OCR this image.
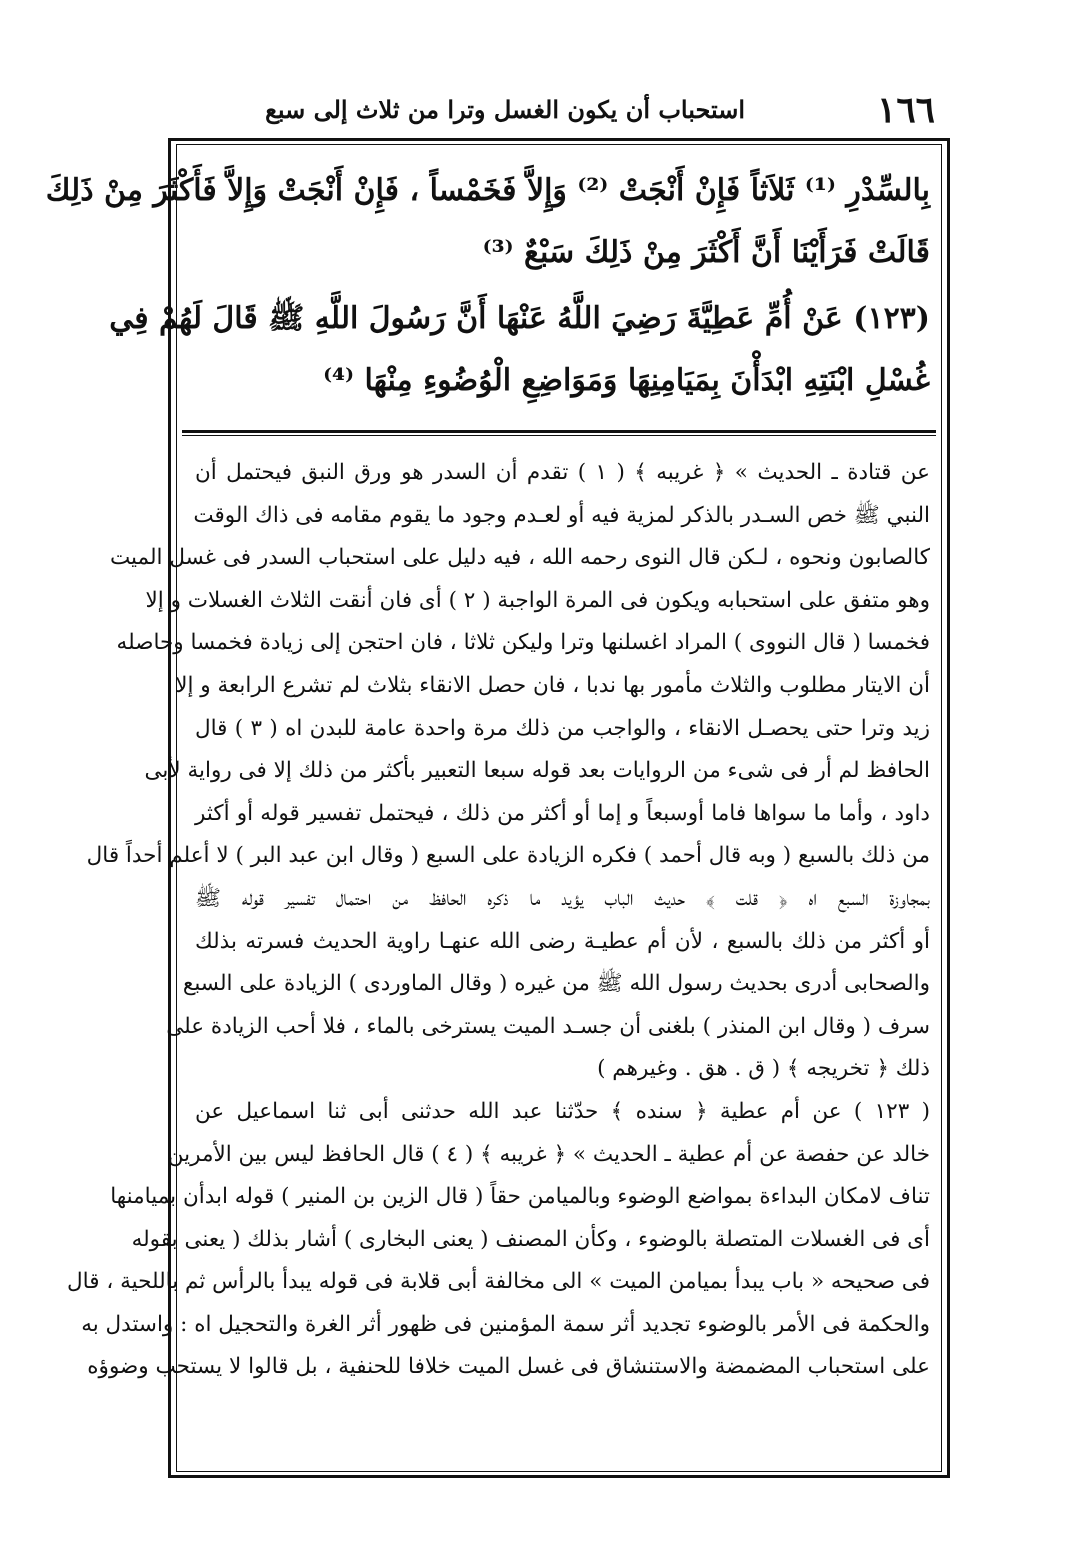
١٦٦
استحباب أن يكون الغسل وترا من ثلاث إلى سبع
بِالسِّدْرِ ⁽¹⁾ ثَلاَثاً فَإِنْ أَنْجَتْ ⁽²⁾ وَإِلاَّ فَخَمْساً ، فَإِنْ أَنْجَتْ وَإِلاَّ فَأَكْثَرَ مِنْ ذَلِكَ
قَالَتْ فَرَأَيْنَا أَنَّ أَكْثَرَ مِنْ ذَلِكَ سَبْعٌ ⁽³⁾
(١٢٣) عَنْ أُمِّ عَطِيَّةَ رَضِيَ اللَّهُ عَنْهَا أَنَّ رَسُولَ اللَّهِ ﷺ قَالَ لَهُمْ فِي
غُسْلِ ابْنَتِهِ ابْدَأْنَ بِمَيَامِنِهَا وَمَوَاضِعِ الْوُضُوءِ مِنْهَا ⁽⁴⁾
عن قتادة ـ الحديث » ﴿ غريبه ﴾ ( ١ ) تقدم أن السدر هو ورق النبق فيحتمل أن
النبي ﷺ خص السـدر بالذكر لمزية فيه أو لعـدم وجود ما يقوم مقامه فى ذاك الوقت
كالصابون ونحوه ، لـكن قال النوى رحمه الله ، فيه دليل على استحباب السدر فى غسل الميت
وهو متفق على استحبابه ويكون فى المرة الواجبة ( ٢ ) أى فان أنقت الثلاث الغسلات و إلا
فخمسا ( قال النووى ) المراد اغسلنها وترا وليكن ثلاثا ، فان احتجن إلى زيادة فخمسا وحاصله
أن الايتار مطلوب والثلاث مأمور بها ندبا ، فان حصل الانقاء بثلاث لم تشرع الرابعة و إلا
زيد وترا حتى يحصـل الانقاء ، والواجب من ذلك مرة واحدة عامة للبدن اه ( ٣ ) قال
الحافظ لم أر فى شىء من الروايات بعد قوله سبعا التعبير بأكثر من ذلك إلا فى رواية لأبى
داود ، وأما ما سواها فاما أوسبعاً و إما أو أكثر من ذلك ، فيحتمل تفسير قوله أو أكثر
من ذلك بالسبع ( وبه قال أحمد ) فكره الزيادة على السبع ( وقال ابن عبد البر ) لا أعلم أحداً قال
بمجاوزة السبع اه ﴿ قلت ﴾ حديث الباب يؤيد ما ذكره الحافظ من احتمال تفسير قوله ﷺ
أو أكثر من ذلك بالسبع ، لأن أم عطيـة رضى الله عنهـا راوية الحديث فسرته بذلك
والصحابى أدرى بحديث رسول الله ﷺ من غيره ( وقال الماوردى ) الزيادة على السبع
سرف ( وقال ابن المنذر ) بلغنى أن جسـد الميت يسترخى بالماء ، فلا أحب الزيادة على
ذلك ﴿ تخريجه ﴾ ( ق . هق . وغيرهم )
( ١٢٣ ) عن أم عطية ﴿ سنده ﴾ حدّثنا عبد الله حدثنى أبى ثنا اسماعيل عن
خالد عن حفصة عن أم عطية ـ الحديث » ﴿ غريبه ﴾ ( ٤ ) قال الحافظ ليس بين الأمرين
تناف لامكان البداءة بمواضع الوضوء وبالميامن حقاً ( قال الزين بن المنير ) قوله ابدأن بميامنها
أى فى الغسلات المتصلة بالوضوء ، وكأن المصنف ( يعنى البخارى ) أشار بذلك ( يعنى بقوله
فى صحيحه « باب يبدأ بميامن الميت » الى مخالفة أبى قلابة فى قوله يبدأ بالرأس ثم باللحية ، قال
والحكمة فى الأمر بالوضوء تجديد أثر سمة المؤمنين فى ظهور أثر الغرة والتحجيل اه : واستدل به
على استحباب المضمضة والاستنشاق فى غسل الميت خلافا للحنفية ، بل قالوا لا يستحب وضوؤه
